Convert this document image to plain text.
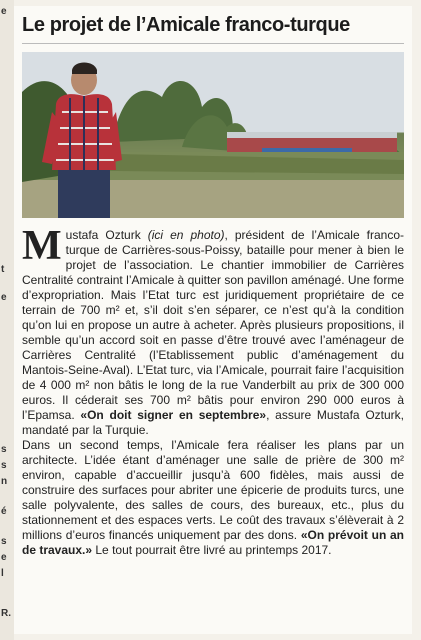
e
t
e
s
s
n
é
s
e
l
R.
Le projet de l’Amicale franco-turque

Mustafa Ozturk (ici en photo), président de l’Amicale franco-turque de Carrières-sous-Poissy, bataille pour mener à bien le projet de l’association. Le chantier immobilier de Carrières Centralité contraint l’Amicale à quitter son pavillon aménagé. Une forme d’expropriation. Mais l’Etat turc est juridiquement propriétaire de ce terrain de 700 m² et, s’il doit s’en séparer, ce n’est qu’à la condition qu’on lui en propose un autre à acheter. Après plusieurs propositions, il semble qu’un accord soit en passe d’être trouvé avec l’aménageur de Carrières Centralité (l’Etablissement public d’aménagement du Mantois-Seine-Aval). L’Etat turc, via l’Amicale, pourrait faire l’acquisition de 4 000 m² non bâtis le long de la rue Vanderbilt au prix de 300 000 euros. Il céderait ses 700 m² bâtis pour environ 290 000 euros à l’Epamsa. «On doit signer en septembre», assure Mustafa Ozturk, mandaté par la Turquie.

Dans un second temps, l’Amicale fera réaliser les plans par un architecte. L’idée étant d’aménager une salle de prière de 300 m² environ, capable d’accueillir jusqu’à 600 fidèles, mais aussi de construire des surfaces pour abriter une épicerie de produits turcs, une salle polyvalente, des salles de cours, des bureaux, etc., plus du stationnement et des espaces verts. Le coût des travaux s’élèverait à 2 millions d’euros financés uniquement par des dons. «On prévoit un an de travaux.» Le tout pourrait être livré au printemps 2017.
